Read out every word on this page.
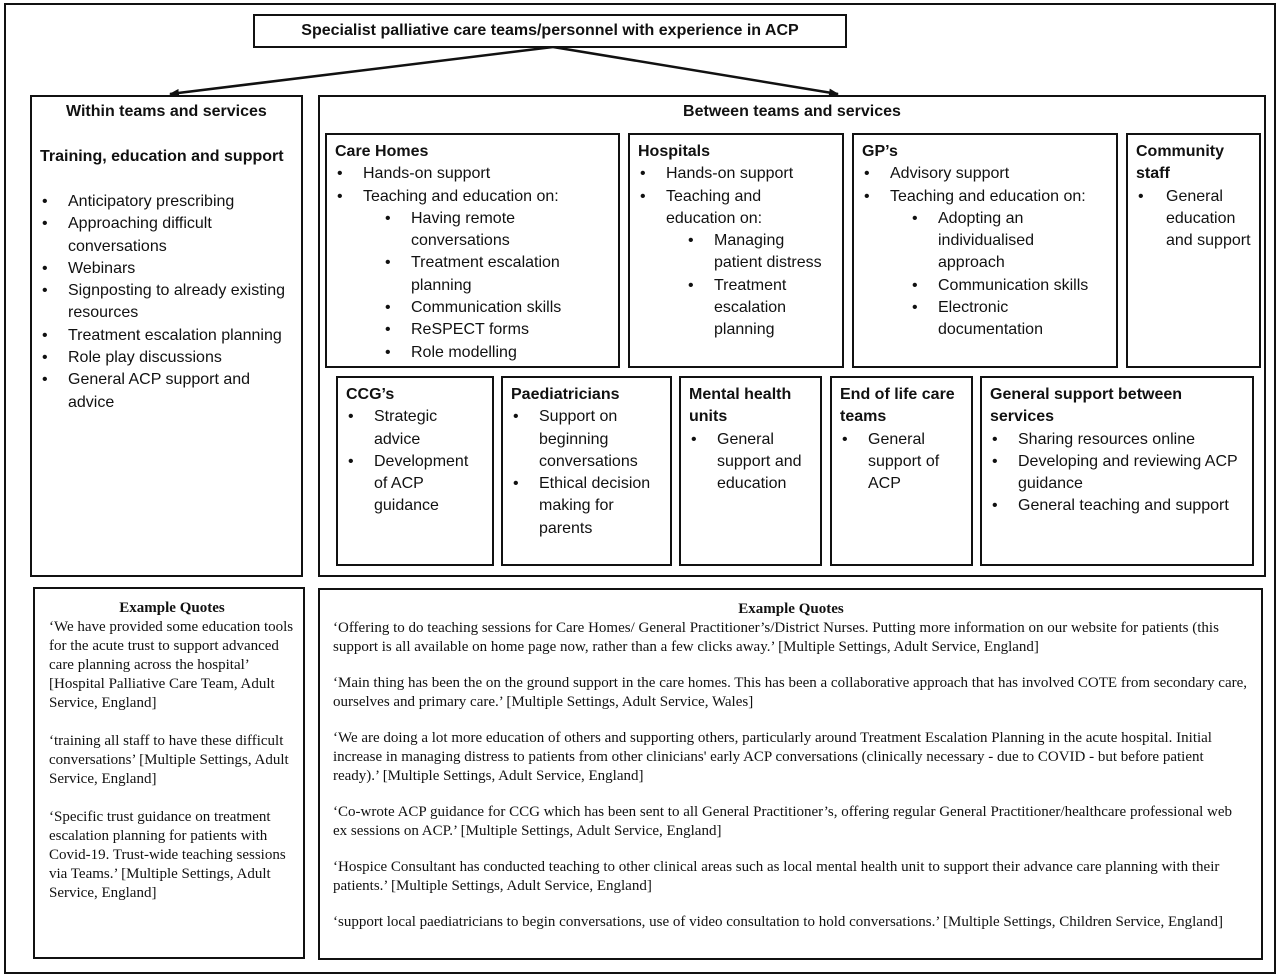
Specialist palliative care teams/personnel with experience in ACP
Within teams and services
Training, education and support
• Anticipatory prescribing
• Approaching difficult conversations
• Webinars
• Signposting to already existing resources
• Treatment escalation planning
• Role play discussions
• General ACP support and advice
Between teams and services
Care Homes
• Hands-on support
• Teaching and education on:
• Having remote conversations
• Treatment escalation planning
• Communication skills
• ReSPECT forms
• Role modelling
Hospitals
• Hands-on support
• Teaching and education on:
• Managing patient distress
• Treatment escalation planning
GP’s
• Advisory support
• Teaching and education on:
• Adopting an individualised approach
• Communication skills
• Electronic documentation
Community staff
• General education and support
CCG’s
• Strategic advice
• Development of ACP guidance
Paediatricians
• Support on beginning conversations
• Ethical decision making for parents
Mental health units
• General support and education
End of life care teams
• General support of ACP
General support between services
• Sharing resources online
• Developing and reviewing ACP guidance
• General teaching and support
Example Quotes

‘We have provided some education tools for the acute trust to support advanced care planning across the hospital’ [Hospital Palliative Care Team, Adult Service, England]

‘training all staff to have these difficult conversations’ [Multiple Settings, Adult Service, England]

‘Specific trust guidance on treatment escalation planning for patients with Covid-19. Trust-wide teaching sessions via Teams.’ [Multiple Settings, Adult Service, England]

Example Quotes

‘Offering to do teaching sessions for Care Homes/ General Practitioner’s/District Nurses. Putting more information on our website for patients (this support is all available on home page now, rather than a few clicks away.’ [Multiple Settings, Adult Service, England]

‘Main thing has been the on the ground support in the care homes. This has been a collaborative approach that has involved COTE from secondary care, ourselves and primary care.’ [Multiple Settings, Adult Service, Wales]

‘We are doing a lot more education of others and supporting others, particularly around Treatment Escalation Planning in the acute hospital. Initial increase in managing distress to patients from other clinicians' early ACP conversations (clinically necessary - due to COVID - but before patient ready).’ [Multiple Settings, Adult Service, England]

‘Co-wrote ACP guidance for CCG which has been sent to all General Practitioner’s, offering regular General Practitioner/healthcare professional web ex sessions on ACP.’ [Multiple Settings, Adult Service, England]

‘Hospice Consultant has conducted teaching to other clinical areas such as local mental health unit to support their advance care planning with their patients.’ [Multiple Settings, Adult Service, England]

‘support local paediatricians to begin conversations, use of video consultation to hold conversations.’ [Multiple Settings, Children Service, England]
